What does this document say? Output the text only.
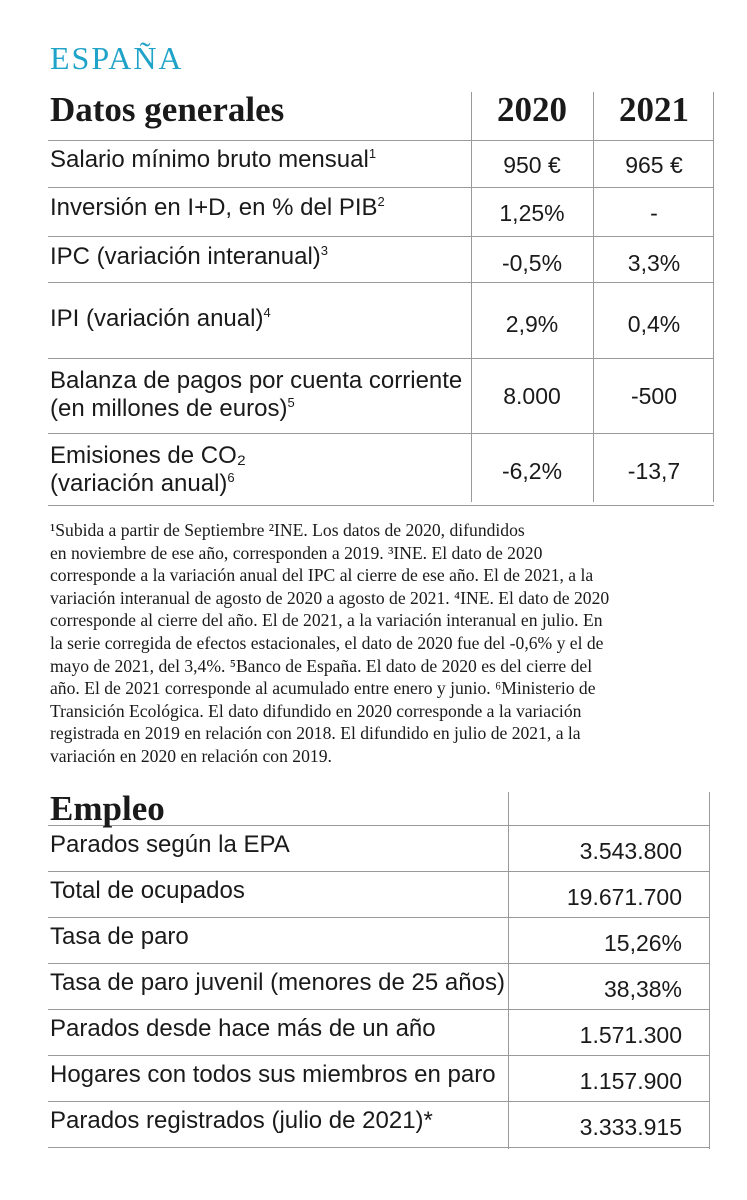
ESPAÑA
Datos generales	2020	2021
Salario mínimo bruto mensual$^1$	950 €	965 €
Inversión en I+D, en % del PIB$^2$	1,25%	-
IPC (variación interanual)$^3$	-0,5%	3,3%
IPI (variación anual)$^4$	2,9%	0,4%
Balanza de pagos por cuenta corriente
(en millones de euros)$^5$	8.000	-500
Emisiones de CO₂
(variación anual)$^6$	-6,2%	-13,7
¹Subida a partir de Septiembre ²INE. Los datos de 2020, difundidos
en noviembre de ese año, corresponden a 2019. ³INE. El dato de 2020
corresponde a la variación anual del IPC al cierre de ese año. El de 2021, a la
variación interanual de agosto de 2020 a agosto de 2021. ⁴INE. El dato de 2020
corresponde al cierre del año. El de 2021, a la variación interanual en julio. En
la serie corregida de efectos estacionales, el dato de 2020 fue del -0,6% y el de
mayo de 2021, del 3,4%. ⁵Banco de España. El dato de 2020 es del cierre del
año. El de 2021 corresponde al acumulado entre enero y junio. ⁶Ministerio de
Transición Ecológica. El dato difundido en 2020 corresponde a la variación
registrada en 2019 en relación con 2018. El difundido en julio de 2021, a la
variación en 2020 en relación con 2019.
Empleo
Parados según la EPA	3.543.800
Total de ocupados	19.671.700
Tasa de paro	15,26%
Tasa de paro juvenil (menores de 25 años)	38,38%
Parados desde hace más de un año	1.571.300
Hogares con todos sus miembros en paro	1.157.900
Parados registrados (julio de 2021)*	3.333.915
